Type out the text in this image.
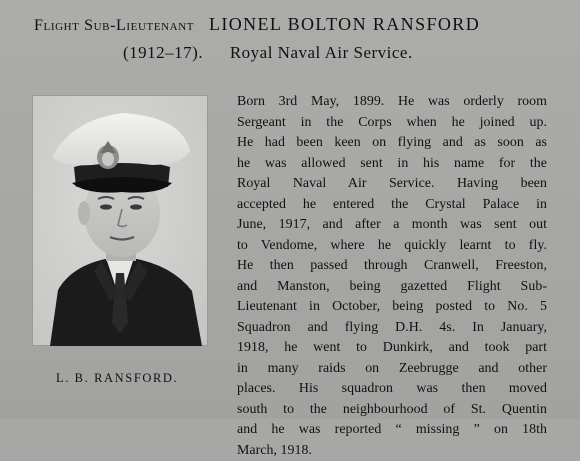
Flight Sub-Lieutenant LIONEL BOLTON RANSFORD
(1912–17). Royal Naval Air Service.
L. B. RANSFORD.
Born 3rd May, 1899. He was orderly room
Sergeant in the Corps when he joined up.
He had been keen on flying and as soon as
he was allowed sent in his name for the
Royal Naval Air Service. Having been
accepted he entered the Crystal Palace in
June, 1917, and after a month was sent out
to Vendome, where he quickly learnt to fly.
He then passed through Cranwell, Freeston,
and Manston, being gazetted Flight Sub-
Lieutenant in October, being posted to No. 5
Squadron and flying D.H. 4s. In January,
1918, he went to Dunkirk, and took part
in many raids on Zeebrugge and other
places. His squadron was then moved
south to the neighbourhood of St. Quentin
and he was reported “ missing ” on 18th
March, 1918.
